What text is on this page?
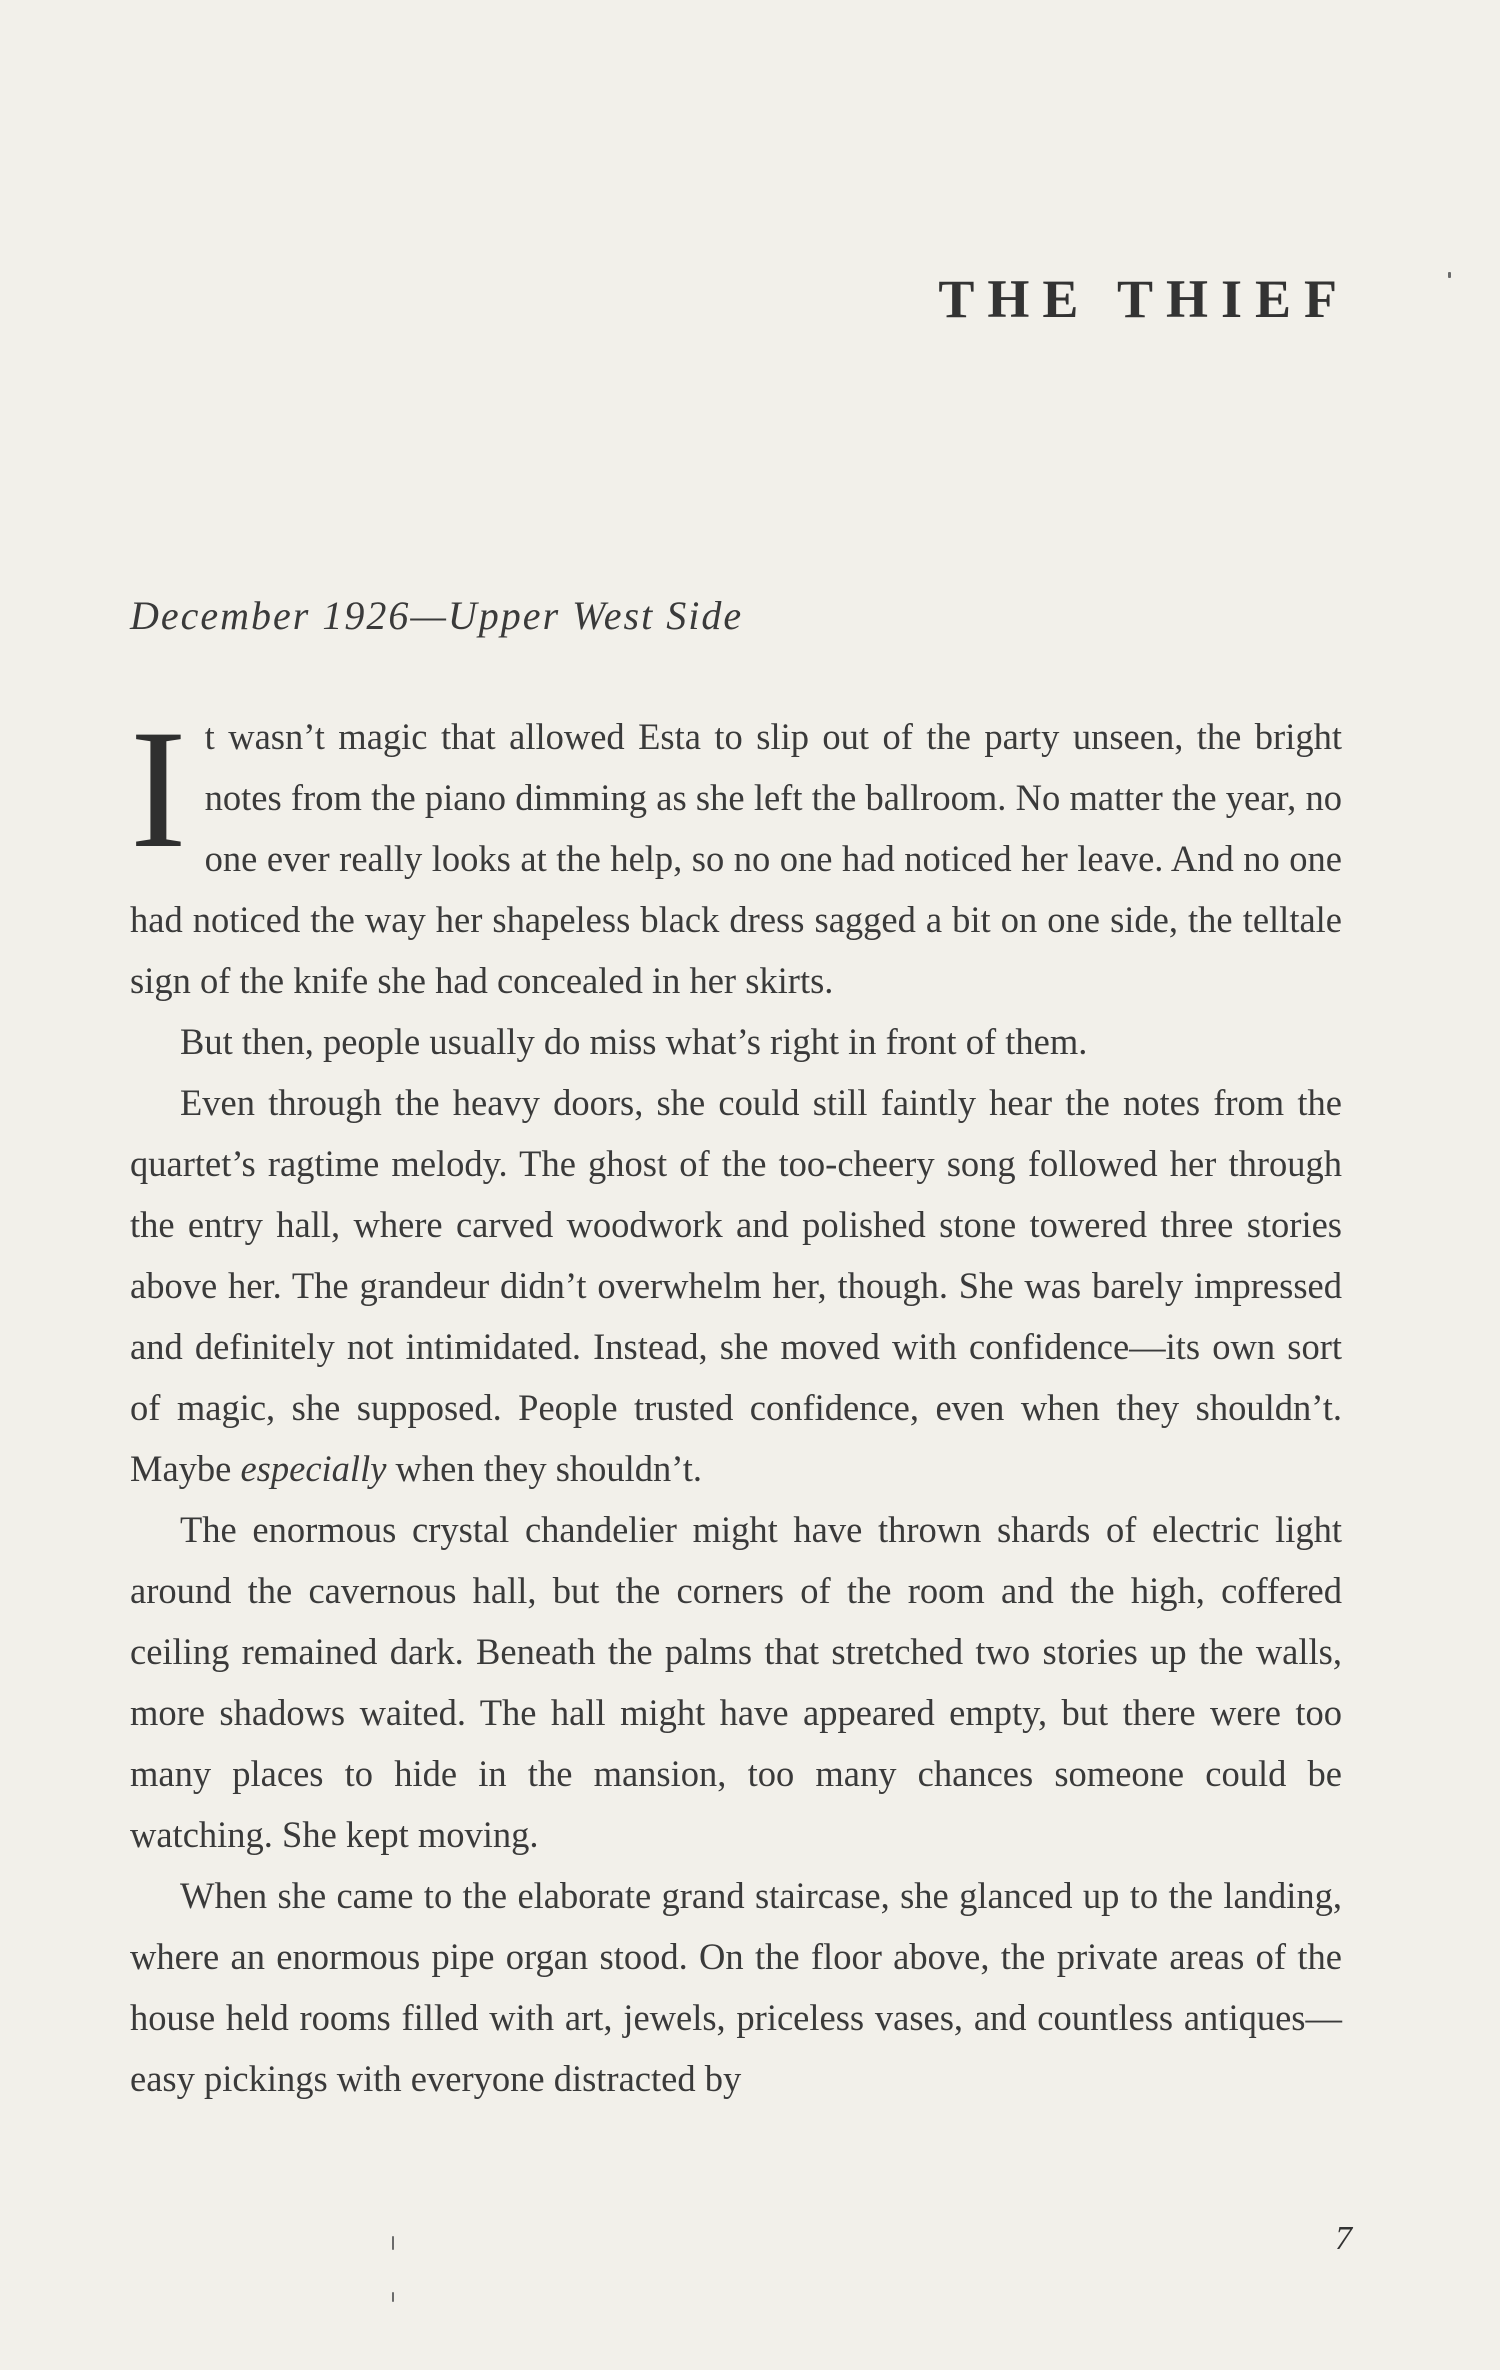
THE THIEF
December 1926—Upper West Side

It wasn’t magic that allowed Esta to slip out of the party unseen, the bright notes from the piano dimming as she left the ballroom. No matter the year, no one ever really looks at the help, so no one had noticed her leave. And no one had noticed the way her shapeless black dress sagged a bit on one side, the telltale sign of the knife she had concealed in her skirts.

But then, people usually do miss what’s right in front of them.

Even through the heavy doors, she could still faintly hear the notes from the quartet’s ragtime melody. The ghost of the too-cheery song followed her through the entry hall, where carved woodwork and polished stone towered three stories above her. The grandeur didn’t overwhelm her, though. She was barely impressed and definitely not intimidated. Instead, she moved with confidence—its own sort of magic, she supposed. People trusted confidence, even when they shouldn’t. Maybe especially when they shouldn’t.

The enormous crystal chandelier might have thrown shards of electric light around the cavernous hall, but the corners of the room and the high, coffered ceiling remained dark. Beneath the palms that stretched two stories up the walls, more shadows waited. The hall might have appeared empty, but there were too many places to hide in the mansion, too many chances someone could be watching. She kept moving.

When she came to the elaborate grand staircase, she glanced up to the landing, where an enormous pipe organ stood. On the floor above, the private areas of the house held rooms filled with art, jewels, priceless vases, and countless antiques—easy pickings with everyone distracted by

7
